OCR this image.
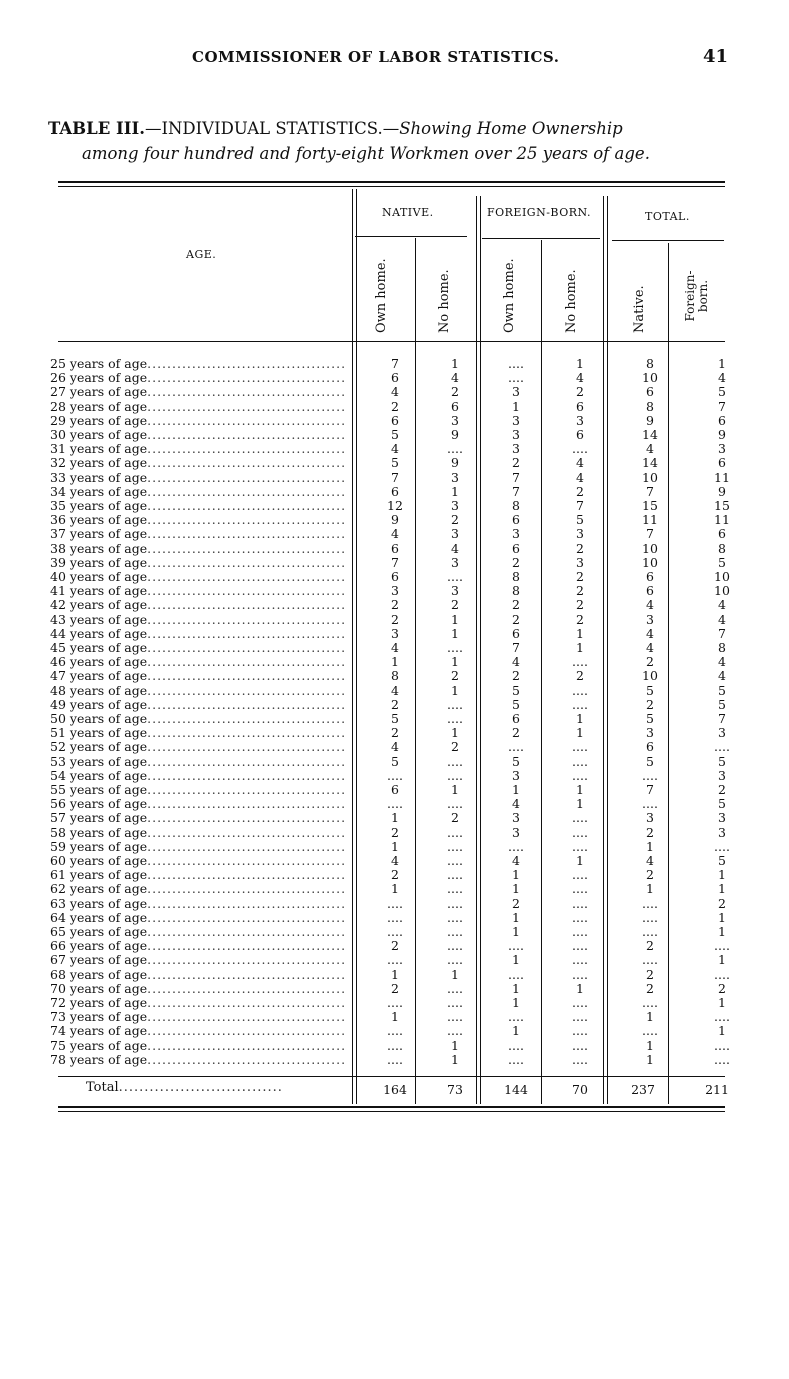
COMMISSIONER OF LABOR STATISTICS.	41
TABLE III.—INDIVIDUAL STATISTICS.—Showing Home Ownership
among four hundred and forty-eight Workmen over 25 years of age.
AGE.
NATIVE.	FOREIGN-BORN.	TOTAL.
Own home.	No home.	Own home.	No home.	Native.	Foreign-born.
25 years of age........................................	7	1	....	1	8	1
26 years of age........................................	6	4	....	4	10	4
27 years of age........................................	4	2	3	2	6	5
28 years of age........................................	2	6	1	6	8	7
29 years of age........................................	6	3	3	3	9	6
30 years of age........................................	5	9	3	6	14	9
31 years of age........................................	4	....	3	....	4	3
32 years of age........................................	5	9	2	4	14	6
33 years of age........................................	7	3	7	4	10	11
34 years of age........................................	6	1	7	2	7	9
35 years of age........................................	12	3	8	7	15	15
36 years of age........................................	9	2	6	5	11	11
37 years of age........................................	4	3	3	3	7	6
38 years of age........................................	6	4	6	2	10	8
39 years of age........................................	7	3	2	3	10	5
40 years of age........................................	6	....	8	2	6	10
41 years of age........................................	3	3	8	2	6	10
42 years of age........................................	2	2	2	2	4	4
43 years of age........................................	2	1	2	2	3	4
44 years of age........................................	3	1	6	1	4	7
45 years of age........................................	4	....	7	1	4	8
46 years of age........................................	1	1	4	....	2	4
47 years of age........................................	8	2	2	2	10	4
48 years of age........................................	4	1	5	....	5	5
49 years of age........................................	2	....	5	....	2	5
50 years of age........................................	5	....	6	1	5	7
51 years of age........................................	2	1	2	1	3	3
52 years of age........................................	4	2	....	....	6	....
53 years of age........................................	5	....	5	....	5	5
54 years of age........................................	....	....	3	....	....	3
55 years of age........................................	6	1	1	1	7	2
56 years of age........................................	....	....	4	1	....	5
57 years of age........................................	1	2	3	....	3	3
58 years of age........................................	2	....	3	....	2	3
59 years of age........................................	1	....	....	....	1	....
60 years of age........................................	4	....	4	1	4	5
61 years of age........................................	2	....	1	....	2	1
62 years of age........................................	1	....	1	....	1	1
63 years of age........................................	....	....	2	....	....	2
64 years of age........................................	....	....	1	....	....	1
65 years of age........................................	....	....	1	....	....	1
66 years of age........................................	2	....	....	....	2	....
67 years of age........................................	....	....	1	....	....	1
68 years of age........................................	1	1	....	....	2	....
70 years of age........................................	2	....	1	1	2	2
72 years of age........................................	....	....	1	....	....	1
73 years of age........................................	1	....	....	....	1	....
74 years of age........................................	....	....	1	....	....	1
75 years of age........................................	....	1	....	....	1	....
78 years of age........................................	....	1	....	....	1	....
Total................................	164	73	144	70	237	211
